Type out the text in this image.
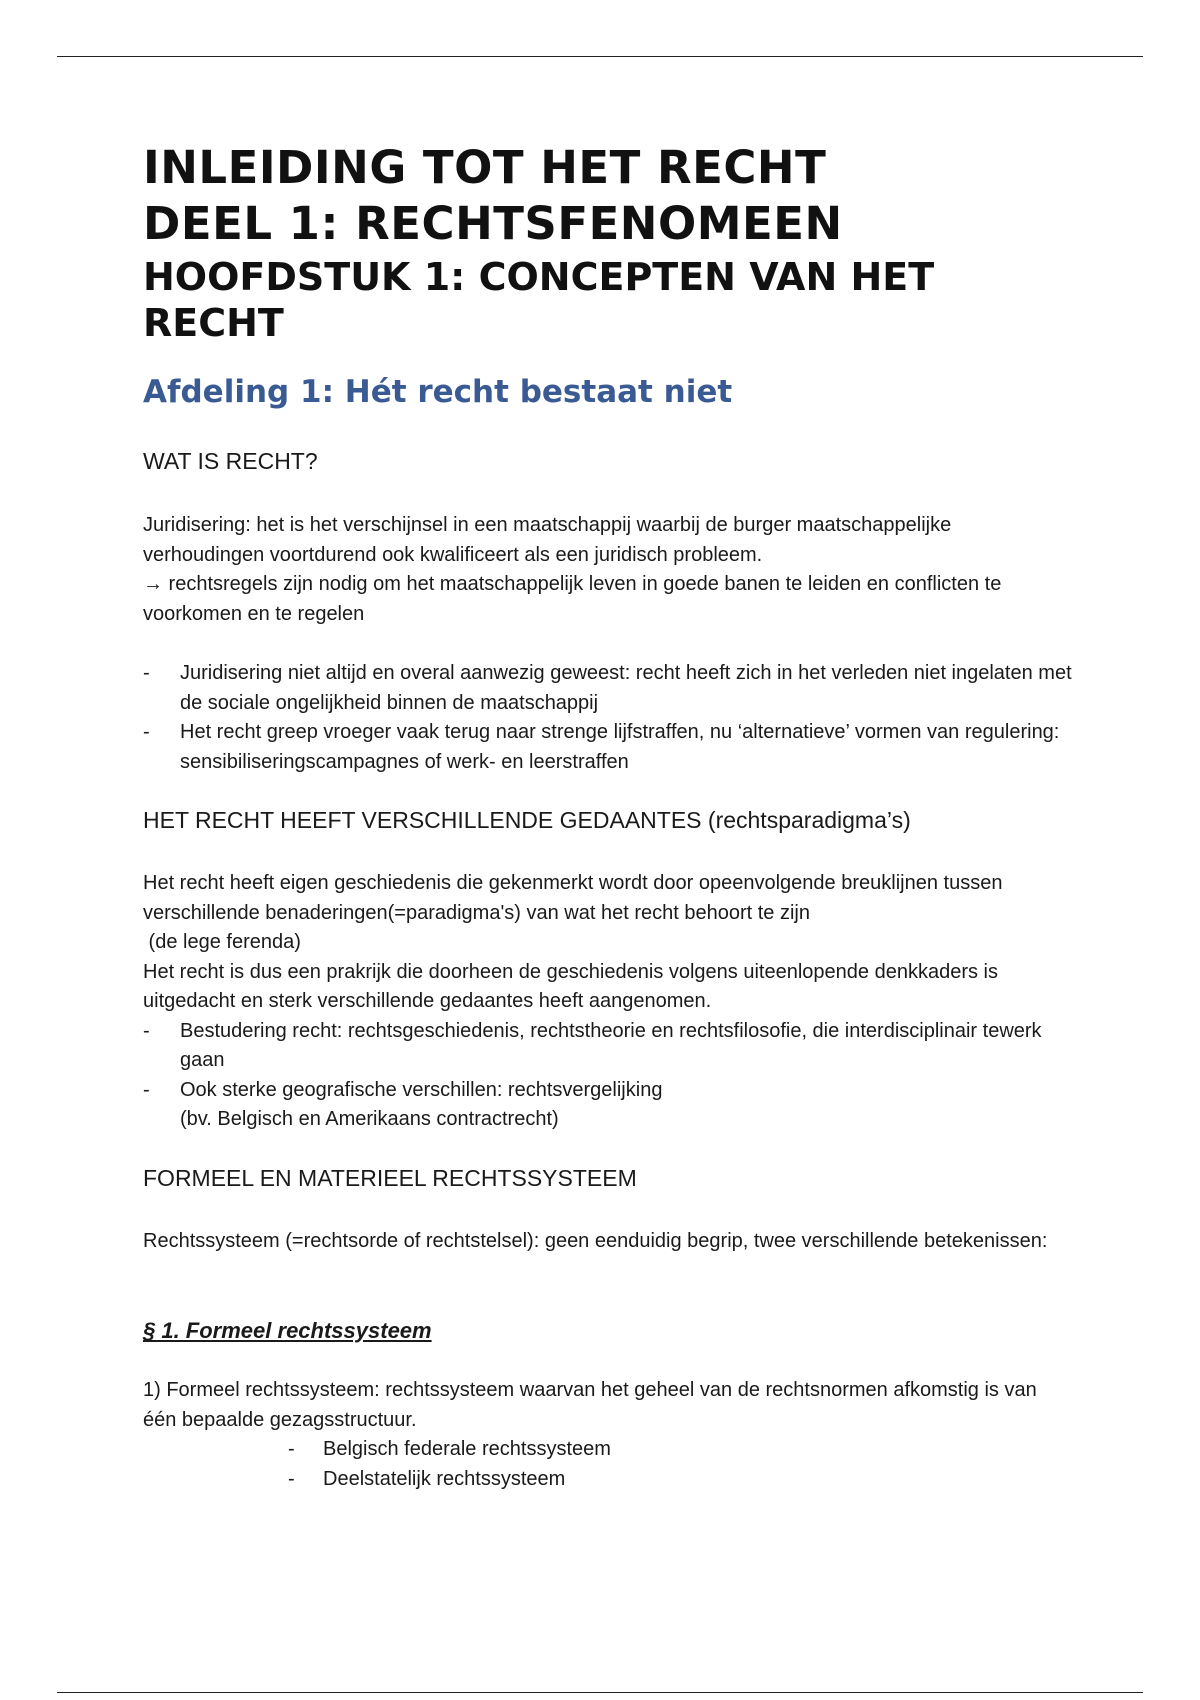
INLEIDING TOT HET RECHT
DEEL 1: RECHTSFENOMEEN
HOOFDSTUK 1: CONCEPTEN VAN HET RECHT
Afdeling 1: Hét recht bestaat niet

WAT IS RECHT?

Juridisering: het is het verschijnsel in een maatschappij waarbij de burger maatschappelijke verhoudingen voortdurend ook kwalificeert als een juridisch probleem.

→ rechtsregels zijn nodig om het maatschappelijk leven in goede banen te leiden en conflicten te voorkomen en te regelen

- Juridisering niet altijd en overal aanwezig geweest: recht heeft zich in het verleden niet ingelaten met de sociale ongelijkheid binnen de maatschappij
- Het recht greep vroeger vaak terug naar strenge lijfstraffen, nu ‘alternatieve’ vormen van regulering: sensibiliseringscampagnes of werk- en leerstraffen

HET RECHT HEEFT VERSCHILLENDE GEDAANTES (rechtsparadigma’s)

Het recht heeft eigen geschiedenis die gekenmerkt wordt door opeenvolgende breuklijnen tussen verschillende benaderingen(=paradigma's) van wat het recht behoort te zijn

(de lege ferenda)

Het recht is dus een prakrijk die doorheen de geschiedenis volgens uiteenlopende denkkaders is uitgedacht en sterk verschillende gedaantes heeft aangenomen.

- Bestudering recht: rechtsgeschiedenis, rechtstheorie en rechtsfilosofie, die interdisciplinair tewerk gaan
- Ook sterke geografische verschillen: rechtsvergelijking
(bv. Belgisch en Amerikaans contractrecht)

FORMEEL EN MATERIEEL RECHTSSYSTEEM

Rechtssysteem (=rechtsorde of rechtstelsel): geen eenduidig begrip, twee verschillende betekenissen:

§ 1. Formeel rechtssysteem

1) Formeel rechtssysteem: rechtssysteem waarvan het geheel van de rechtsnormen afkomstig is van één bepaalde gezagsstructuur.

- Belgisch federale rechtssysteem
- Deelstatelijk rechtssysteem
